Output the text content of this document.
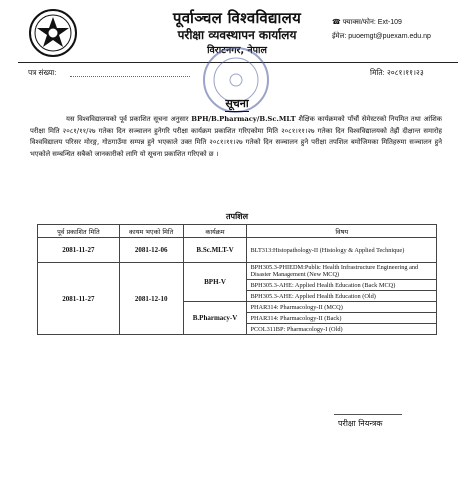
पूर्वाञ्चल विश्वविद्यालय
परीक्षा व्यवस्थापन कार्यालय
विराटनगर, नेपाल
☎ फ्याक्स/फोन: Ext-109
ईमेल: puoemgt@puexam.edu.np
पत्र संख्या:	मिति: २०८१।११।२३
सूचना
यस विश्वविद्यालयको पूर्व प्रकाशित सूचना अनुसार BPH/B.Pharmacy/B.Sc.MLT शैक्षिक कार्यक्रमको पाँचौं सेमेस्टरको नियमित तथा आंशिक परीक्षा मिति २०८१/११/२७ गतेका दिन सञ्चालन हुनेगरि परीक्षा कार्यक्रम प्रकाशित गरिएकोमा मिति २०८१।११।२७ गतेका दिन विश्वविद्यालयको तेह्रौं दीक्षान्त समारोह विश्वविद्यालय परिसर मोरङ्ग, गोठगाउँमा सम्पन्न हुने भएकाले उक्त मिति २०८१।११।२७ गतेको दिन सञ्चालन हुने परीक्षा तपशिल बमोजिमका मितिहरुमा सञ्चालन हुने भएकोले सम्बन्धित सबैको जानकारीको लागि यो सूचना प्रकाशित गरिएको छ ।
तपशिल
पूर्व प्रकाशित मिति	कायम भएको मिति	कार्यक्रम	विषय
2081-11-27	2081-12-06	B.Sc.MLT-V	BLT313:Histopathology-II (Histology & Applied Technique)
2081-11-27	2081-12-10	BPH-V	BPH305.3-PHIEDM:Public Health Infrastructure Engineering and Disaster Management (New MCQ)
			BPH305.3-AHE: Applied Health Education (Back MCQ)
			BPH305.3-AHE: Applied Health Education (Old)
		B.Pharmacy-V	PHAR314: Pharmacology-II (MCQ)
			PHAR314: Pharmacology-II (Back)
			PCOL311BP: Pharmacology-I (Old)
परीक्षा नियन्त्रक
